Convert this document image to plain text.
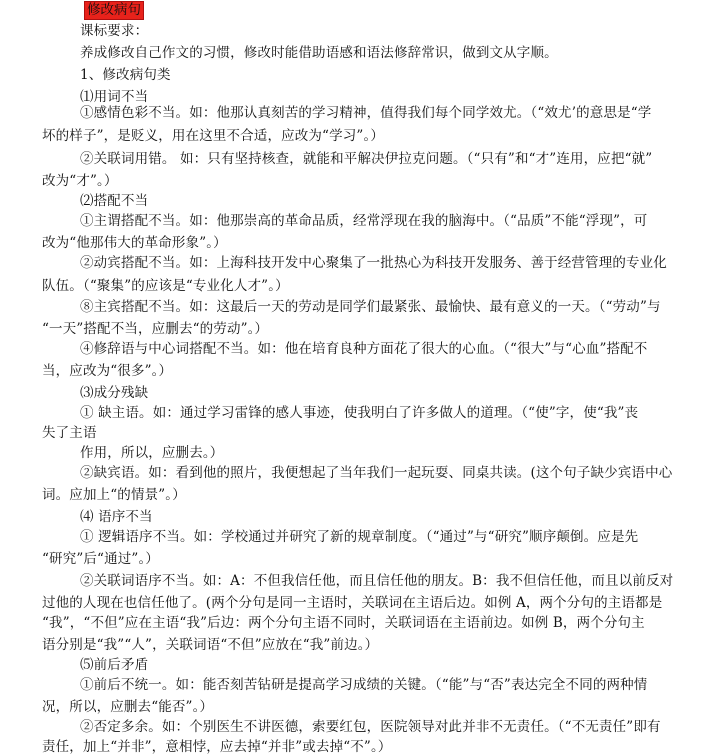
修改病句
课标要求：
养成修改自己作文的习惯，修改时能借助语感和语法修辞常识，做到文从字顺。
1、修改病句类
⑴用词不当
①感情色彩不当。如：他那认真刻苦的学习精神，值得我们每个同学效尤。（“效尤’的意思是“学
坏的样子”，是贬义，用在这里不合适，应改为“学习”。）
②关联词用错。 如：只有坚持核查，就能和平解决伊拉克问题。（“只有”和“才”连用，应把“就”
改为“才”。）
⑵搭配不当
①主谓搭配不当。如：他那崇高的革命品质，经常浮现在我的脑海中。（“品质”不能“浮现”，可
改为“他那伟大的革命形象”。）
②动宾搭配不当。如：上海科技开发中心聚集了一批热心为科技开发服务、善于经营管理的专业化
队伍。（“聚集”的应该是“专业化人才”。）
⑧主宾搭配不当。如：这最后一天的劳动是同学们最紧张、最愉快、最有意义的一天。（“劳动”与
“一天”搭配不当，应删去“的劳动”。）
④修辞语与中心词搭配不当。如：他在培育良种方面花了很大的心血。（“很大”与“心血”搭配不
当，应改为“很多”。）
⑶成分残缺
① 缺主语。如：通过学习雷锋的感人事迹，使我明白了许多做人的道理。（“使”字，使“我”丧
失了主语
作用，所以，应删去。）
②缺宾语。如：看到他的照片，我便想起了当年我们一起玩耍、同桌共读。(这个句子缺少宾语中心
词。应加上“的情景”。）
⑷ 语序不当
① 逻辑语序不当。如：学校通过并研究了新的规章制度。（“通过”与“研究”顺序颠倒。应是先
“研究”后“通过”。）
②关联词语序不当。如：A：不但我信任他，而且信任他的朋友。B：我不但信任他，而且以前反对
过他的人现在也信任他了。(两个分句是同一主语时，关联词在主语后边。如例 A，两个分句的主语都是
“我”，“不但”应在主语“我”后边：两个分句主语不同时，关联词语在主语前边。如例 B，两个分句主
语分别是“我”“人”，关联词语“不但”应放在“我”前边。）
⑸前后矛盾
①前后不统一。如：能否刻苦钻研是提高学习成绩的关键。（“能”与“否”表达完全不同的两种情
况，所以，应删去“能否”。）
②否定多余。如：个别医生不讲医德，索要红包，医院领导对此并非不无责任。（“不无责任”即有
责任，加上“并非”，意相悖，应去掉“并非”或去掉“不”。）
